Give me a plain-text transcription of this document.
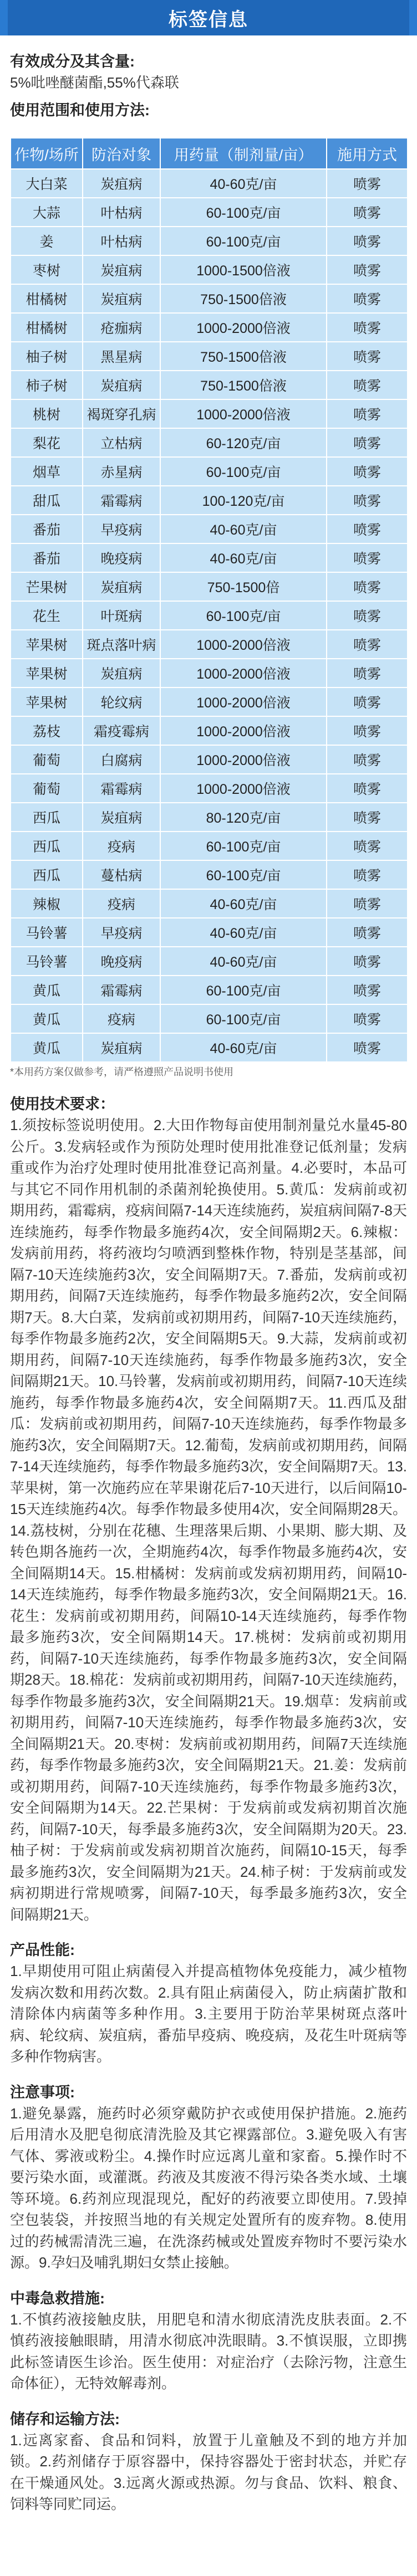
标签信息
有效成分及其含量:
5%吡唑醚菌酯,55%代森联
使用范围和使用方法:
作物/场所	防治对象	用药量（制剂量/亩）	施用方式
大白菜	炭疽病	40-60克/亩	喷雾
大蒜	叶枯病	60-100克/亩	喷雾
姜	叶枯病	60-100克/亩	喷雾
枣树	炭疽病	1000-1500倍液	喷雾
柑橘树	炭疽病	750-1500倍液	喷雾
柑橘树	疮痂病	1000-2000倍液	喷雾
柚子树	黑星病	750-1500倍液	喷雾
柿子树	炭疽病	750-1500倍液	喷雾
桃树	褐斑穿孔病	1000-2000倍液	喷雾
梨花	立枯病	60-120克/亩	喷雾
烟草	赤星病	60-100克/亩	喷雾
甜瓜	霜霉病	100-120克/亩	喷雾
番茄	早疫病	40-60克/亩	喷雾
番茄	晚疫病	40-60克/亩	喷雾
芒果树	炭疽病	750-1500倍	喷雾
花生	叶斑病	60-100克/亩	喷雾
苹果树	斑点落叶病	1000-2000倍液	喷雾
苹果树	炭疽病	1000-2000倍液	喷雾
苹果树	轮纹病	1000-2000倍液	喷雾
荔枝	霜疫霉病	1000-2000倍液	喷雾
葡萄	白腐病	1000-2000倍液	喷雾
葡萄	霜霉病	1000-2000倍液	喷雾
西瓜	炭疽病	80-120克/亩	喷雾
西瓜	疫病	60-100克/亩	喷雾
西瓜	蔓枯病	60-100克/亩	喷雾
辣椒	疫病	40-60克/亩	喷雾
马铃薯	早疫病	40-60克/亩	喷雾
马铃薯	晚疫病	40-60克/亩	喷雾
黄瓜	霜霉病	60-100克/亩	喷雾
黄瓜	疫病	60-100克/亩	喷雾
黄瓜	炭疽病	40-60克/亩	喷雾
*本用药方案仅做参考，请严格遵照产品说明书使用
使用技术要求：
1.须按标签说明使用。2.大田作物每亩使用制剂量兑水量45-80公斤。3.发病轻或作为预防处理时使用批准登记低剂量；发病重或作为治疗处理时使用批准登记高剂量。4.必要时，本品可与其它不同作用机制的杀菌剂轮换使用。5.黄瓜：发病前或初期用药，霜霉病，疫病间隔7-14天连续施药，炭疽病间隔7-8天连续施药，每季作物最多施药4次，安全间隔期2天。6.辣椒：发病前用药，将药液均匀喷洒到整株作物，特别是茎基部，间隔7-10天连续施药3次，安全间隔期7天。7.番茄，发病前或初期用药，间隔7天连续施药，每季作物最多施药2次，安全间隔期7天。8.大白菜，发病前或初期用药，间隔7-10天连续施药，每季作物最多施药2次，安全间隔期5天。9.大蒜，发病前或初期用药，间隔7-10天连续施药，每季作物最多施药3次，安全间隔期21天。10.马铃薯，发病前或初期用药，间隔7-10天连续施药，每季作物最多施药4次，安全间隔期7天。11.西瓜及甜瓜：发病前或初期用药，间隔7-10天连续施药，每季作物最多施药3次，安全间隔期7天。12.葡萄，发病前或初期用药，间隔7-14天连续施药，每季作物最多施药3次，安全间隔期7天。13.苹果树，第一次施药应在苹果谢花后7-10天进行，以后间隔10-15天连续施药4次。每季作物最多使用4次，安全间隔期28天。14.荔枝树，分别在花穗、生理落果后期、小果期、膨大期、及转色期各施药一次，全期施药4次，每季作物最多施药4次，安全间隔期14天。15.柑橘树：发病前或发病初期用药，间隔10-14天连续施药，每季作物最多施药3次，安全间隔期21天。16.花生：发病前或初期用药，间隔10-14天连续施药，每季作物最多施药3次，安全间隔期14天。17.桃树：发病前或初期用药，间隔7-10天连续施药，每季作物最多施药3次，安全间隔期28天。18.棉花：发病前或初期用药，间隔7-10天连续施药，每季作物最多施药3次，安全间隔期21天。19.烟草：发病前或初期用药，间隔7-10天连续施药，每季作物最多施药3次，安全间隔期21天。20.枣树：发病前或初期用药，间隔7天连续施药，每季作物最多施药3次，安全间隔期21天。21.姜：发病前或初期用药，间隔7-10天连续施药，每季作物最多施药3次，安全间隔期为14天。22.芒果树：于发病前或发病初期首次施药，间隔7-10天，每季最多施药3次，安全间隔期为20天。23.柚子树：于发病前或发病初期首次施药，间隔10-15天，每季最多施药3次，安全间隔期为21天。24.柿子树：于发病前或发病初期进行常规喷雾，间隔7-10天，每季最多施药3次，安全间隔期21天。
产品性能:
1.早期使用可阻止病菌侵入并提高植物体免疫能力，减少植物发病次数和用药次数。2.具有阻止病菌侵入，防止病菌扩散和清除体内病菌等多种作用。3.主要用于防治苹果树斑点落叶病、轮纹病、炭疽病，番茄早疫病、晚疫病，及花生叶斑病等多种作物病害。
注意事项:
1.避免暴露，施药时必须穿戴防护衣或使用保护措施。2.施药后用清水及肥皂彻底清洗脸及其它裸露部位。3.避免吸入有害气体、雾液或粉尘。4.操作时应远离儿童和家畜。5.操作时不要污染水面，或灌溉。药液及其废液不得污染各类水域、土壤等环境。6.药剂应现混现兑，配好的药液要立即使用。7.毁掉空包装袋，并按照当地的有关规定处置所有的废弃物。8.使用过的药械需清洗三遍，在洗涤药械或处置废弃物时不要污染水源。9.孕妇及哺乳期妇女禁止接触。
中毒急救措施:
1.不慎药液接触皮肤，用肥皂和清水彻底清洗皮肤表面。2.不慎药液接触眼睛，用清水彻底冲洗眼睛。3.不慎误服，立即携此标签请医生诊治。医生使用：对症治疗（去除污物，注意生命体征），无特效解毒剂。
储存和运输方法:
1.远离家畜、食品和饲料，放置于儿童触及不到的地方并加锁。2.药剂储存于原容器中，保持容器处于密封状态，并贮存在干燥通风处。3.远离火源或热源。勿与食品、饮料、粮食、饲料等同贮同运。
